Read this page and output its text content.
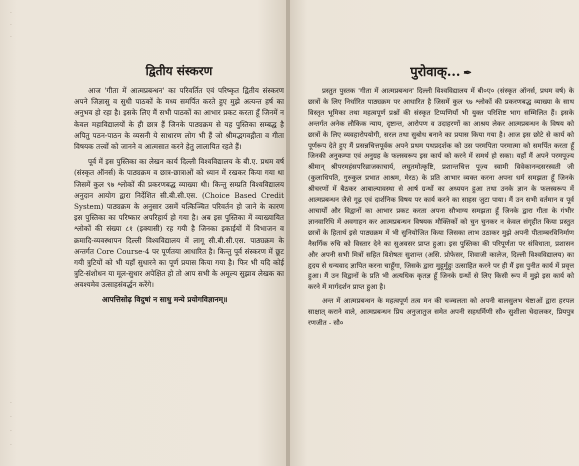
·
·
·
·
·
·
·
द्वितीय संस्करण

आज 'गीता में आत्मप्रबन्धन' का परिवर्तित एवं परिष्कृत द्वितीय संस्करण अपने जिज्ञासु व सुधी पाठकों के मध्य समर्पित करते हुए मुझे अत्यन्त हर्ष का अनुभव हो रहा है। इसके लिए मैं सभी पाठकों का आभार प्रकट करता हूँ जिनमें न केवल महाविद्यालयों के ही छात्र हैं जिनके पाठ्यक्रम से यह पुस्तिका सम्बद्ध है अपितु पठन-पाठन के व्यसनी ये साधारण लोग भी हैं जो श्रीमद्भगवद्गीता व गीता विषयक तत्त्वों को जानने व आत्मसात करने हेतु लालायित रहते हैं।

पूर्व में इस पुस्तिका का लेखन कार्य दिल्ली विश्वविद्यालय के बी.ए. प्रथम वर्ष (संस्कृत ऑनर्स) के पाठ्यक्रम व छात्र-छात्राओं को ध्यान में रखकर किया गया था जिसमें कुल ९७ श्लोकों की प्रकरणबद्ध व्याख्या थी। किन्तु सम्प्रति विश्वविद्यालय अनुदान आयोग द्वारा निर्देशित सी.बी.सी.एस. (Choice Based Credit System) पाठ्यक्रम के अनुसार उसमें यत्किञ्चित परिवर्तन हो जाने के कारण इस पुस्तिका का परिष्कार अपरिहार्य हो गया है। अब इस पुस्तिका में व्याख्यायित श्लोकों की संख्या ८१ (इक्यासी) रह गयी है जिनका इकाईयों में विभाजन व क्रमादि-व्यवस्थापन दिल्ली विश्वविद्यालय में लागू सी.बी.सी.एस. पाठ्यक्रम के अन्तर्गत Core Course-4 पर पूर्णतया आधारित है। किन्तु पूर्व संस्करण में छूट गयी त्रुटियों को भी यहाँ सुधारने का पूर्ण प्रयास किया गया है। फिर भी यदि कोई त्रुटि-संशोधन या मूल-सुधार अपेक्षित हो तो आप सभी के अमूल्य सुझाव लेखक का अवश्यमेव उत्साहसंवर्द्धन करेंगे।

आपत्तिसोढ़ विदुषां न साधु मन्ये प्रयोगविज्ञानम्॥
पुरोवाक्... ✒

प्रस्तुत पुस्तक 'गीता में आत्मप्रबन्धन' दिल्ली विश्वविद्यालय में बी०ए० (संस्कृत ऑनर्स, प्रथम वर्ष) के छात्रों के लिए निर्धारित पाठ्यक्रम पर आधारित है जिसमें कुल ९७ श्लोकों की प्रकरणबद्ध व्याख्या के साथ विस्तृत भूमिका तथा महत्वपूर्ण प्रश्नों की संस्कृत टिप्पणियाँ भी युक्त परिशिष्ट भाग सम्मिलित हैं। इसके अन्तर्गत अनेक लौकिक न्याय, दृष्टान्त, आरोपण व उदाहरणों का आश्रय लेकर आत्मप्रबन्धन के विषय को छात्रों के लिए व्यवहारोपयोगी, सरल तथा सुबोध बनाने का प्रयास किया गया है। आज इस छोटे से कार्य को पूर्णरूप देते हुए मैं प्रसन्नचित्तपूर्वक अपने प्रथम पथप्रदर्शक को उस परमपिता परमात्मा को समर्पित करता हूँ जिनकी अनुकम्पा एवं अनुग्रह के फलस्वरूप इस कार्य को करने में समर्थ हो सका। यहाँ मैं अपने परमपूज्य श्रीमान् श्रीपरमहंसपरिव्राजकाचार्य, लघुतमोत्कृष्टि, प्रशान्तचित्त पूज्य स्वामी विवेकानन्दसरस्वती जी (कुलाधिपति, गुरुकुल प्रभात आश्रम, मेरठ) के प्रति आभार व्यक्त करना अपना धर्म समझता हूँ जिनके श्रीचरणों में बैठकर आबाल्यावस्था से आर्ष ग्रन्थों का अध्ययन हुआ तथा उनके ज्ञान के फलस्वरूप में आत्मप्रबन्धन जैसे गूढ़ एवं दार्शनिक विषय पर कार्य करने का साहस जुटा पाया। मैं उन सभी वर्तमान व पूर्व आचार्यों और विद्वानों का आभार प्रकट करता अपना सौभाग्य समझता हूँ जिनके द्वारा गीता के गंभीर ज्ञानवारिधि में अवगाहन कर आत्मप्रबन्धन विषयक मौक्तिकों को चुन चुनकर न केवल संगृहीत किया प्रस्तुत छात्रों के हितार्थ इसे पाठ्यक्रम में भी सुनियोजित किया जिसका लाभ उठाकर मुझे अपनी पीताम्बरविनिर्माण नैसर्गिक रुचि को विस्तार देने का सुअवसर प्राप्त हुआ। इस पुस्तिका की परिपूर्णता पर संविधाता, प्रशासन और अपनी सभी मित्रों सहित विशेषतः सुशान्त (असि. प्रोफेसर, शिवाजी कालेज, दिल्ली विश्वविद्यालय) का हृदय से धन्यवाद ज्ञापित करना चाहूँगा, जिसके द्वारा मुहूर्मुहुः उत्साहित करने पर ही मैं इस पुनीत कार्य में प्रवृत्त हुआ। मैं उन विद्वानों के प्रति भी अत्यधिक कृतज्ञ हूँ जिनके ग्रन्थों से लिए किसी रूप में मुझे इस कार्य को करने में मार्गदर्शन प्राप्त हुआ है।

अन्त में आत्मप्रबन्धन के महत्वपूर्ण तत्व मन की चञ्चलता को अपनी बालसुलभ चेष्टाओं द्वारा हरपल साक्षात् कराने वाले, आत्मप्रबन्धन प्रिय अनुजातुज समेत अपनी सहधर्मिणी सौ० सुशीला चेदालकर, प्रियपुत्र रणजीत - सौ०
